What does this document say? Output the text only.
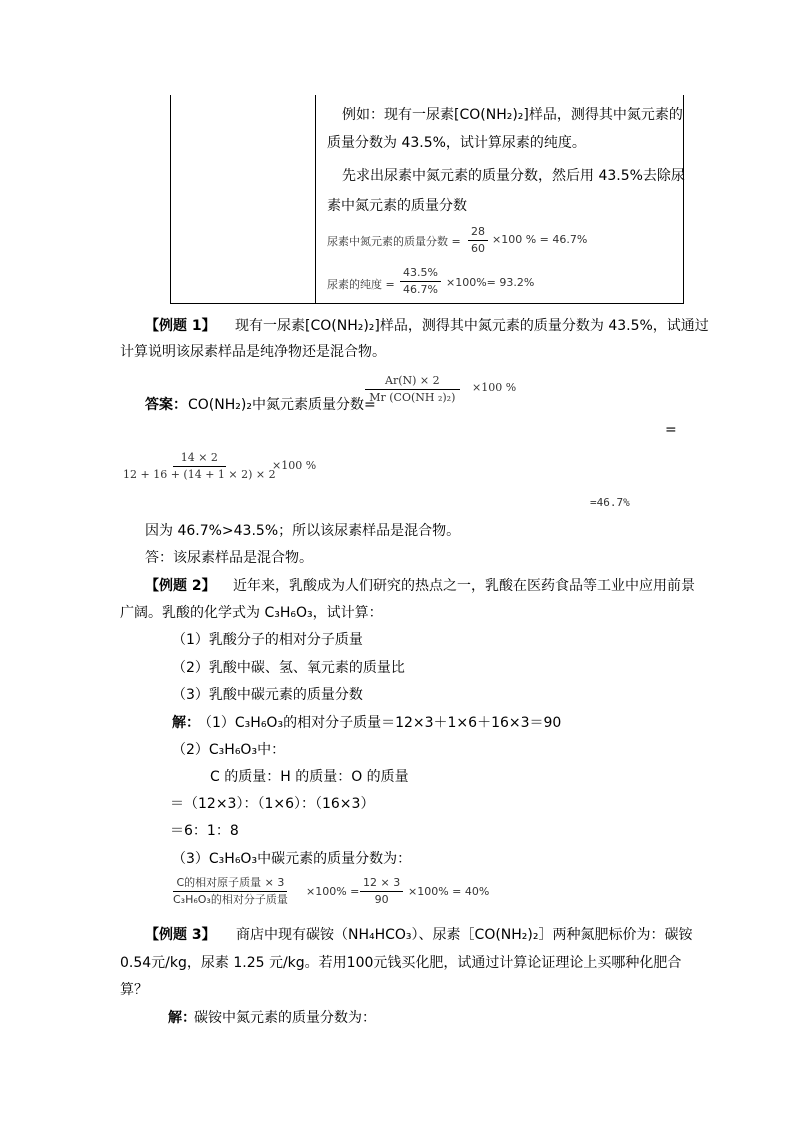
例如：现有一尿素[CO(NH₂)₂]样品，测得其中氮元素的
质量分数为 43.5%，试计算尿素的纯度。
先求出尿素中氮元素的质量分数，然后用 43.5%去除尿
素中氮元素的质量分数
尿素中氮元素的质量分数 = $\frac{28}{60} \times 100$ % = 46.7%
尿素的纯度 = $\frac{43.5\%}{46.7\%} \times 100\%= 93.2\%$
【例题 1】 现有一尿素[CO(NH₂)₂]样品，测得其中氮元素的质量分数为 43.5%，试通过
计算说明该尿素样品是纯净物还是混合物。
答案： CO(NH₂)₂中氮元素质量分数=
$\frac{Ar(N) \times 2}{\text{Mr (CO(NH ₂)₂)}} \times 100$ %
=
$\frac{14 \times 2}{12 + 16 + (14 + 1 \times 2) \times 2}$
×100 %
=46.7%
因为 46.7%>43.5%；所以该尿素样品是混合物。
答：该尿素样品是混合物。
【例题 2】 近年来，乳酸成为人们研究的热点之一，乳酸在医药食品等工业中应用前景
广阔。乳酸的化学式为 C₃H₆O₃，试计算：
（1）乳酸分子的相对分子质量
（2）乳酸中碳、氢、氧元素的质量比
（3）乳酸中碳元素的质量分数
解：
（1）C₃H₆O₃的相对分子质量＝12×3＋1×6＋16×3＝90
（2）C₃H₆O₃中：
C 的质量：H 的质量：O 的质量
＝（12×3）：（1×6）：（16×3）
＝6：1：8
（3）C₃H₆O₃中碳元素的质量分数为：
C的相对原子质量 × 3
C₃H₆O₃的相对分子质量
$\times 100\% = \frac{12 \times 3}{90} \times 100\% = 40\%$
【例题 3】 商店中现有碳铵（NH₄HCO₃）、尿素［CO(NH₂)₂］两种氮肥标价为：碳铵
0.54元/kg，尿素 1.25 元/kg。若用100元钱买化肥，试通过计算论证理论上买哪种化肥合
算？
解：
碳铵中氮元素的质量分数为：
